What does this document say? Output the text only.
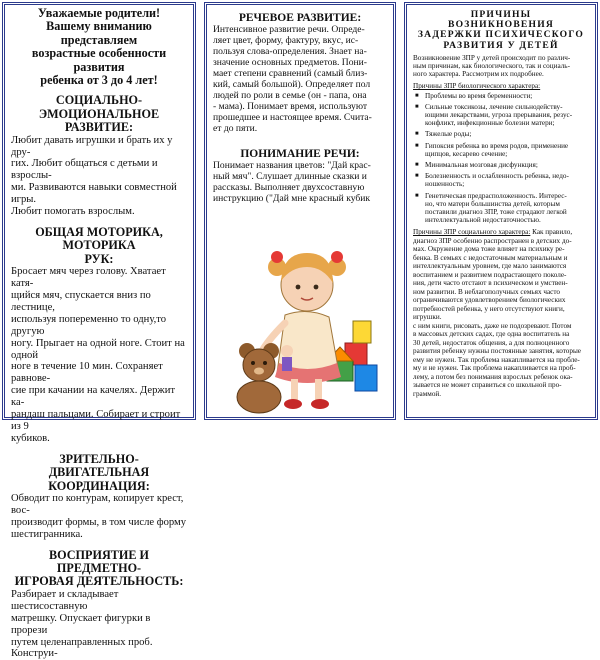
Уважаемые родители!
Вашему вниманию представляем
возрастные особенности развития
ребенка от 3 до 4 лет!
СОЦИАЛЬНО-ЭМОЦИОНАЛЬНОЕ
РАЗВИТИЕ:

Любит давать игрушки и брать их у дру-

гих. Любит общаться с детьми и взрослы-

ми. Развиваются навыки совместной игры.

Любит помогать взрослым.

ОБЩАЯ МОТОРИКА, МОТОРИКА
РУК:

Бросает мяч через голову. Хватает катя-

щийся мяч, спускается вниз по лестнице,

используя попеременно то одну,то другую

ногу. Прыгает на одной ноге. Стоит на одной

ноге в течение 10 мин. Сохраняет равнове-

сие при качании на качелях. Держит ка-

рандаш пальцами. Собирает и строит из 9

кубиков.

ЗРИТЕЛЬНО-ДВИГАТЕЛЬНАЯ
КООРДИНАЦИЯ:

Обводит по контурам, копирует крест, вос-

производит формы, в том числе форму

шестигранника.

ВОСПРИЯТИЕ И ПРЕДМЕТНО-
ИГРОВАЯ ДЕЯТЕЛЬНОСТЬ:

Разбирает и складывает шестисоставную

матрешку. Опускает фигурки в прорези

путем целенаправленных проб. Конструи-

РЕЧЕВОЕ РАЗВИТИЕ:

Интенсивное развитие речи. Опреде-

ляет цвет, форму, фактуру, вкус, ис-

пользуя слова-определения. Знает на-

значение основных предметов. Пони-

мает степени сравнений (самый близ-

кий, самый большой). Определяет пол

людей по роли в семье (он - папа, она

- мама). Понимает время, используют

прошедшее и настоящее время. Счита-

ет до пяти.

ПОНИМАНИЕ РЕЧИ:

Понимает названия цветов: "Дай крас-

ный мяч". Слушает длинные сказки и

рассказы. Выполняет двухсоставную

инструкцию ("Дай мне красный кубик

ПРИЧИНЫ
ВОЗНИКНОВЕНИЯ
ЗАДЕРЖКИ ПСИХИЧЕСКОГО
РАЗВИТИЯ У ДЕТЕЙ

Возникновение ЗПР у детей происходит по различ-

ным причинам, как биологического, так и социаль-

ного характера. Рассмотрим их подробнее.

Причины ЗПР биологического характера:
■ Проблемы во время беременности;
■ Сильные токсикозы, лечение сильнодейству-
ющими лекарствами, угроза прерывания, резус-
конфликт, инфекционные болезни матери;
■ Тяжелые роды;
■ Гипоксия ребенка во время родов, применение
щипцов, кесарево сечение;
■ Минимальная мозговая дисфункция;
■ Болезненность и ослабленность ребенка, недо-
ношенность;
■ Генетическая предрасположенность. Интерес-
но, что матери большинства детей, которым
поставили диагноз ЗПР, тоже страдают легкой
интеллектуальной недостаточностью.
Причины ЗПР социального характера: Как правило,
диагноз ЗПР особенно распространен в детских до-
мах. Окружение дома тоже влияет на психику ре-
бенка. В семьях с недостаточным материальным и
интеллектуальным уровнем, где мало занимаются
воспитанием и развитием подрастающего поколе-
ния, дети часто отстают в психическом и умствен-
ном развитии. В неблагополучных семьях часто
ограничиваются удовлетворением биологических
потребностей ребенка, у него отсутствуют книги, игрушки.
с ним книги, рисовать, даже не подозревают. Потом
в массовых детских садах, где одна воспитатель на
30 детей, недостаток общения, а для полноценного
развития ребенку нужны постоянные занятия, которые
ему не нужен. Так проблема накапливается на пробле-
му и не нужен. Так проблема накапливается на проб-
лему, а потом без понимания взрослых ребенок ока-
зывается не может справиться со школьной про-
граммой.
